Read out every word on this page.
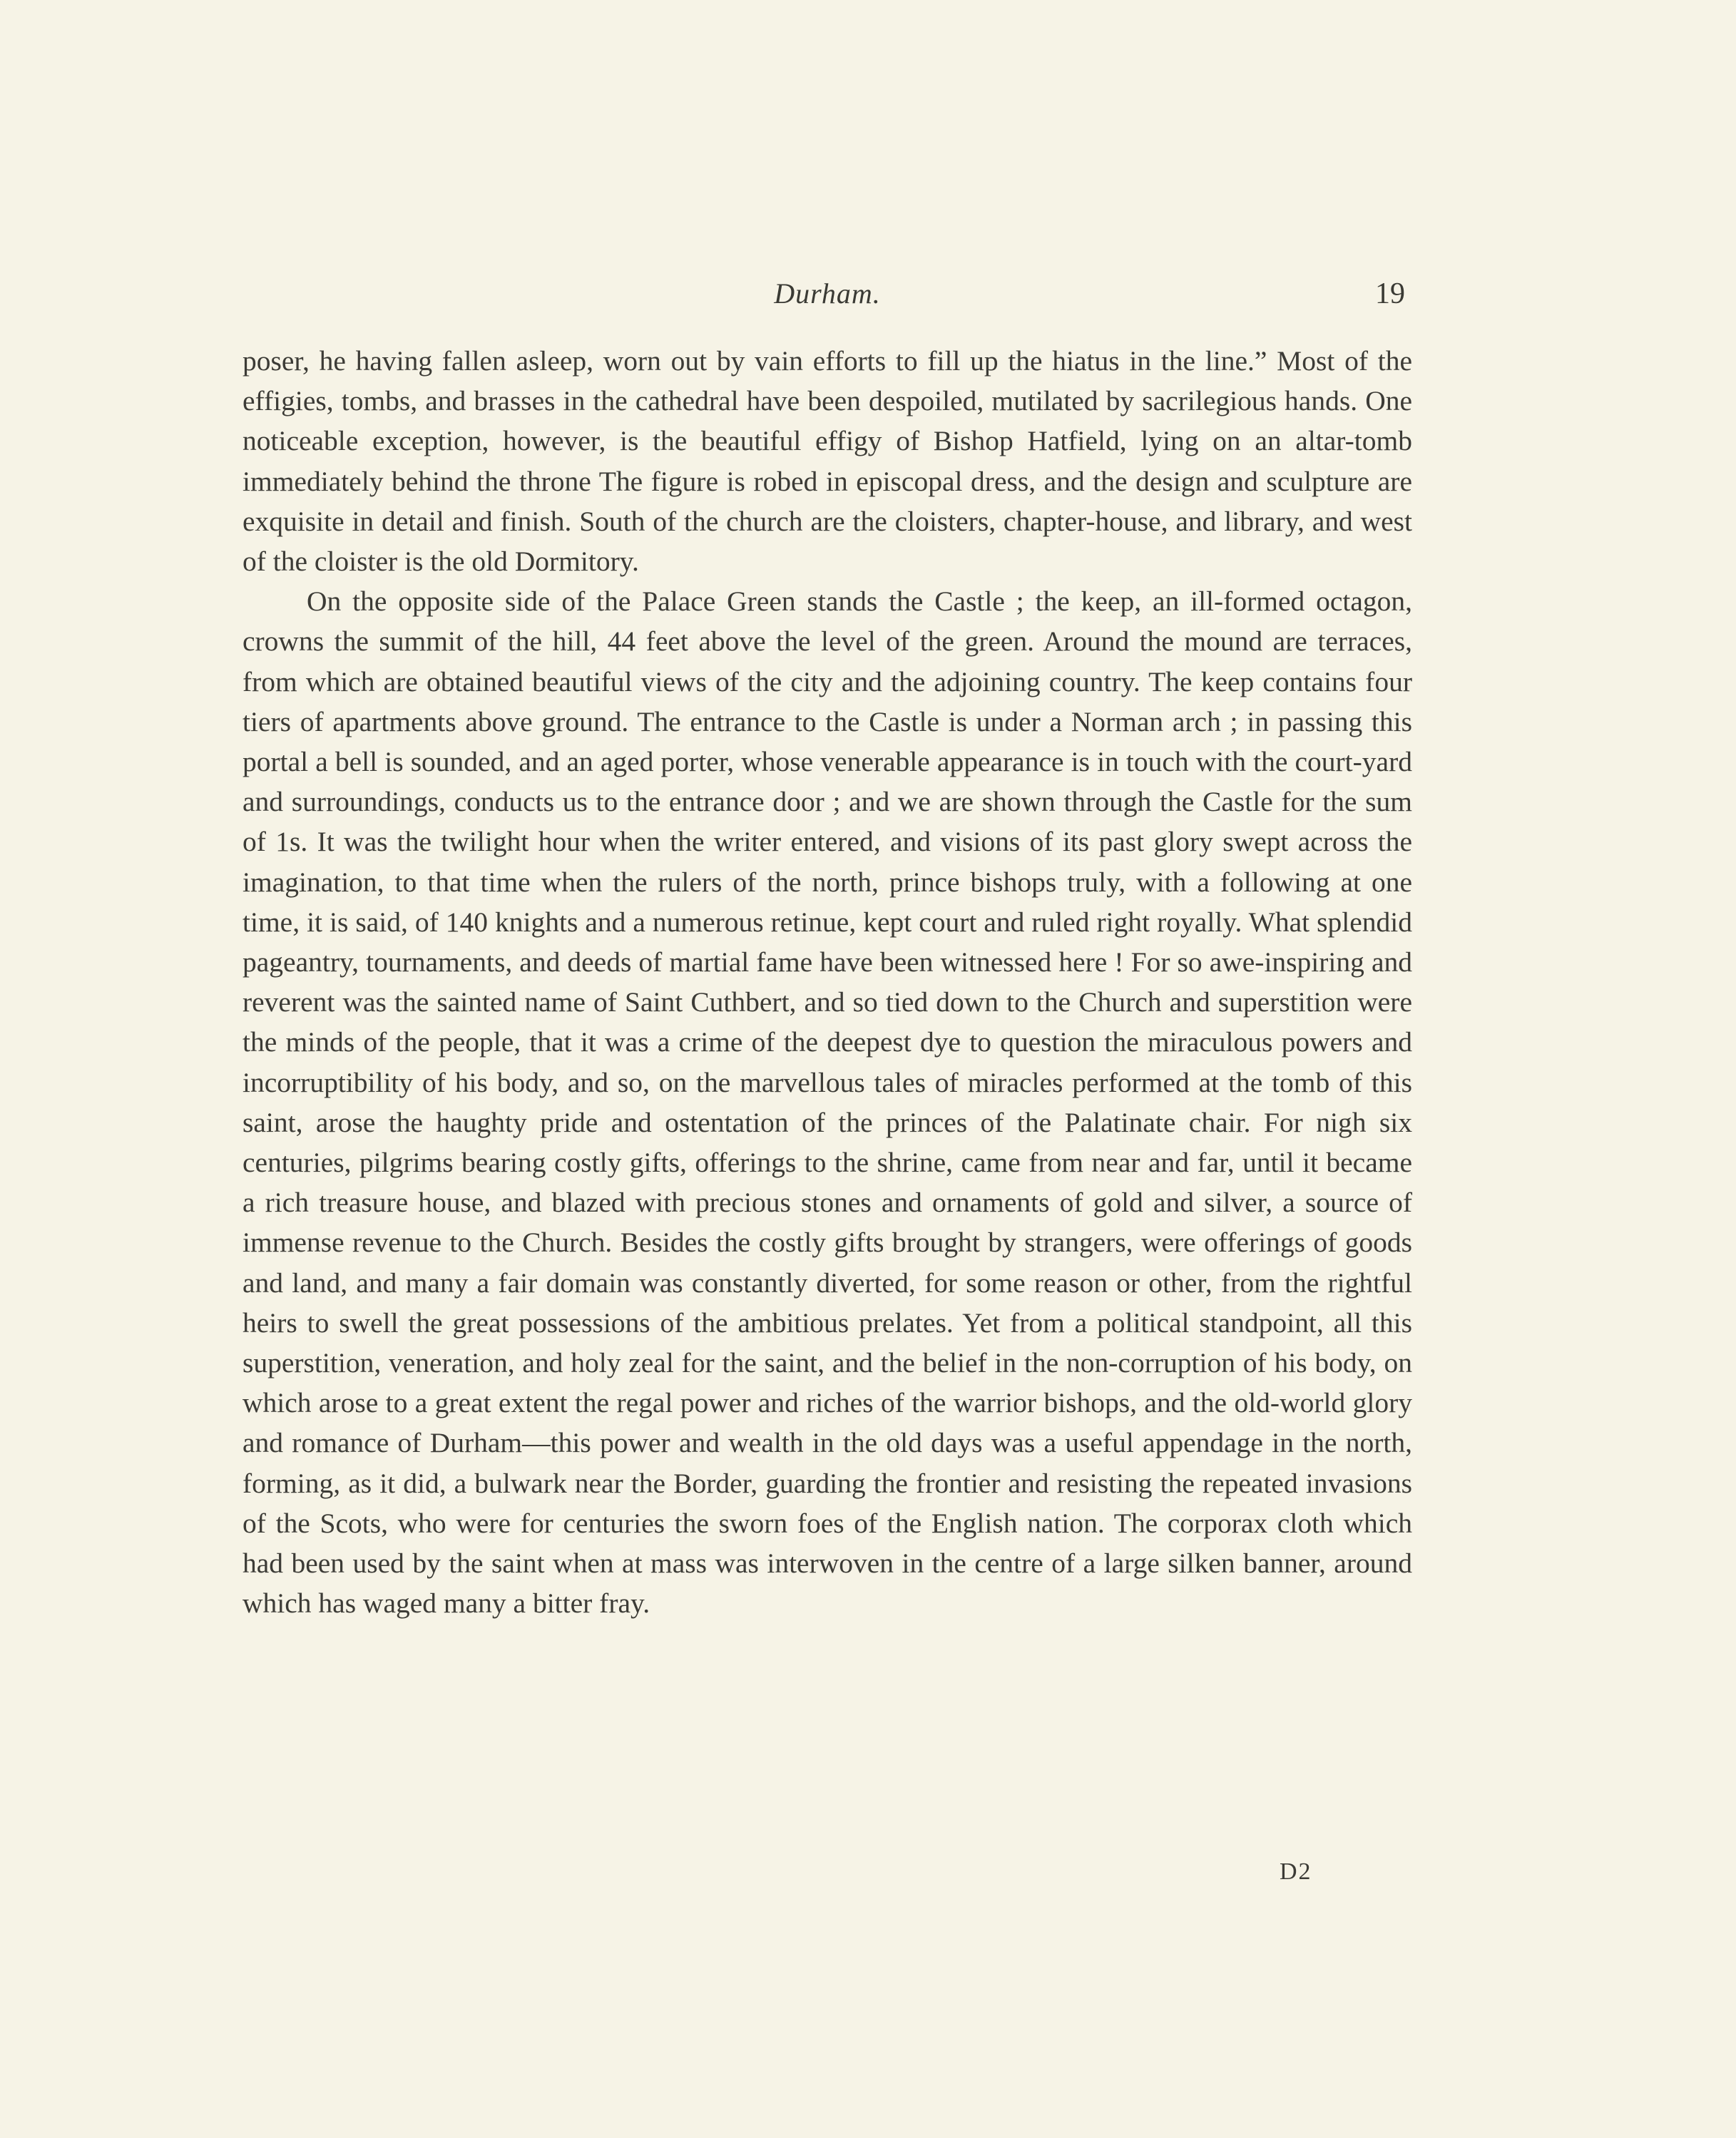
Durham.	19

poser, he having fallen asleep, worn out by vain efforts to fill up the hiatus in the line.” Most of the effigies, tombs, and brasses in the cathedral have been despoiled, mutilated by sacrilegious hands. One noticeable exception, however, is the beautiful effigy of Bishop Hatfield, lying on an altar-tomb immediately behind the throne The figure is robed in episcopal dress, and the design and sculpture are exquisite in detail and finish. South of the church are the cloisters, chapter-house, and library, and west of the cloister is the old Dormitory.

On the opposite side of the Palace Green stands the Castle ; the keep, an ill-formed octagon, crowns the summit of the hill, 44 feet above the level of the green. Around the mound are terraces, from which are obtained beautiful views of the city and the adjoining country. The keep contains four tiers of apartments above ground. The entrance to the Castle is under a Norman arch ; in passing this portal a bell is sounded, and an aged porter, whose venerable appearance is in touch with the court-yard and surroundings, conducts us to the entrance door ; and we are shown through the Castle for the sum of 1s. It was the twilight hour when the writer entered, and visions of its past glory swept across the imagination, to that time when the rulers of the north, prince bishops truly, with a following at one time, it is said, of 140 knights and a numerous retinue, kept court and ruled right royally. What splendid pageantry, tournaments, and deeds of martial fame have been witnessed here ! For so awe-inspiring and reverent was the sainted name of Saint Cuthbert, and so tied down to the Church and superstition were the minds of the people, that it was a crime of the deepest dye to question the miraculous powers and incorruptibility of his body, and so, on the marvellous tales of miracles performed at the tomb of this saint, arose the haughty pride and ostentation of the princes of the Palatinate chair. For nigh six centuries, pilgrims bearing costly gifts, offerings to the shrine, came from near and far, until it became a rich treasure house, and blazed with precious stones and ornaments of gold and silver, a source of immense revenue to the Church. Besides the costly gifts brought by strangers, were offerings of goods and land, and many a fair domain was constantly diverted, for some reason or other, from the rightful heirs to swell the great possessions of the ambitious prelates. Yet from a political standpoint, all this superstition, veneration, and holy zeal for the saint, and the belief in the non-corruption of his body, on which arose to a great extent the regal power and riches of the warrior bishops, and the old-world glory and romance of Durham—this power and wealth in the old days was a useful appendage in the north, forming, as it did, a bulwark near the Border, guarding the frontier and resisting the repeated invasions of the Scots, who were for centuries the sworn foes of the English nation. The corporax cloth which had been used by the saint when at mass was interwoven in the centre of a large silken banner, around which has waged many a bitter fray.

D2
